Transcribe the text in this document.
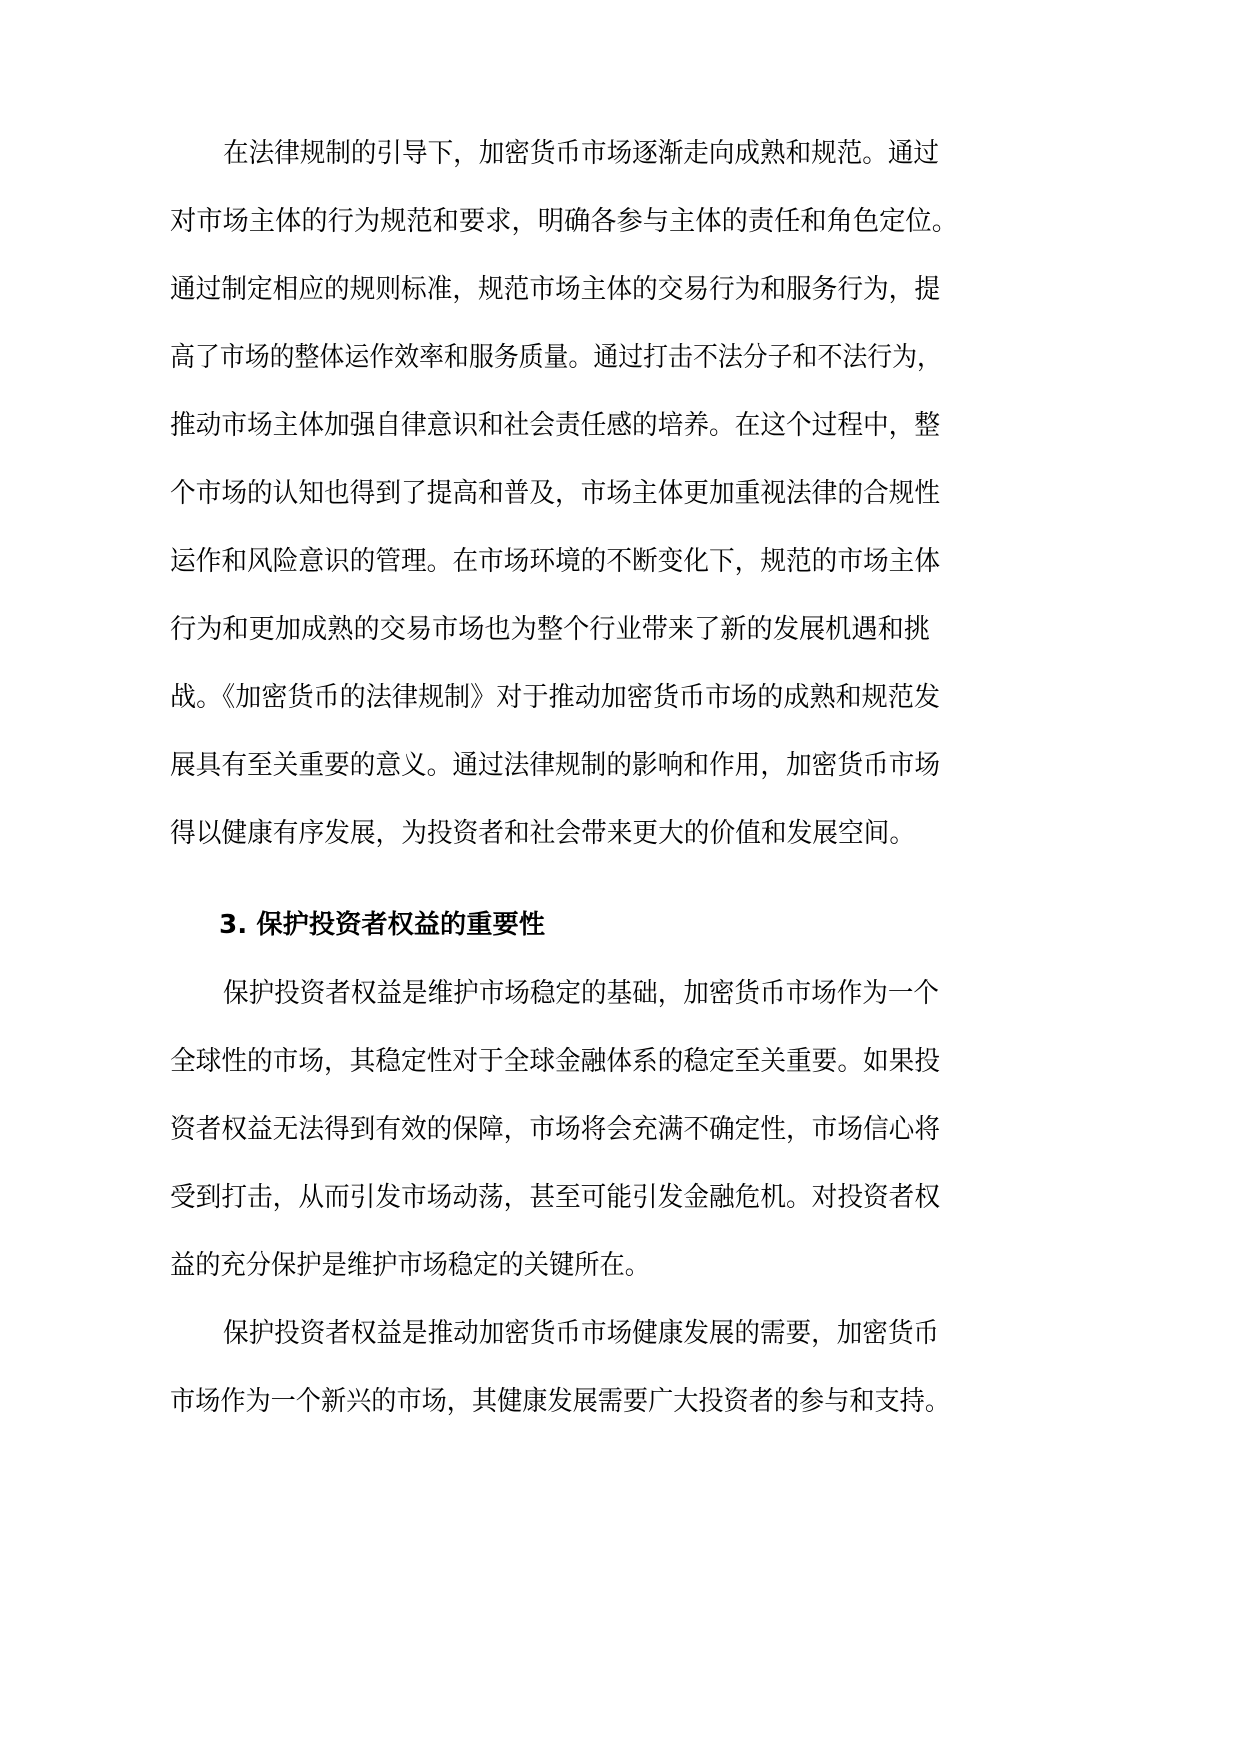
在法律规制的引导下，加密货币市场逐渐走向成熟和规范。通过
对市场主体的行为规范和要求，明确各参与主体的责任和角色定位。
通过制定相应的规则标准，规范市场主体的交易行为和服务行为，提
高了市场的整体运作效率和服务质量。通过打击不法分子和不法行为，
推动市场主体加强自律意识和社会责任感的培养。在这个过程中，整
个市场的认知也得到了提高和普及，市场主体更加重视法律的合规性
运作和风险意识的管理。在市场环境的不断变化下，规范的市场主体
行为和更加成熟的交易市场也为整个行业带来了新的发展机遇和挑
战。《加密货币的法律规制》对于推动加密货币市场的成熟和规范发
展具有至关重要的意义。通过法律规制的影响和作用，加密货币市场
得以健康有序发展，为投资者和社会带来更大的价值和发展空间。
3. 保护投资者权益的重要性
保护投资者权益是维护市场稳定的基础，加密货币市场作为一个
全球性的市场，其稳定性对于全球金融体系的稳定至关重要。如果投
资者权益无法得到有效的保障，市场将会充满不确定性，市场信心将
受到打击，从而引发市场动荡，甚至可能引发金融危机。对投资者权
益的充分保护是维护市场稳定的关键所在。
保护投资者权益是推动加密货币市场健康发展的需要，加密货币
市场作为一个新兴的市场，其健康发展需要广大投资者的参与和支持。
